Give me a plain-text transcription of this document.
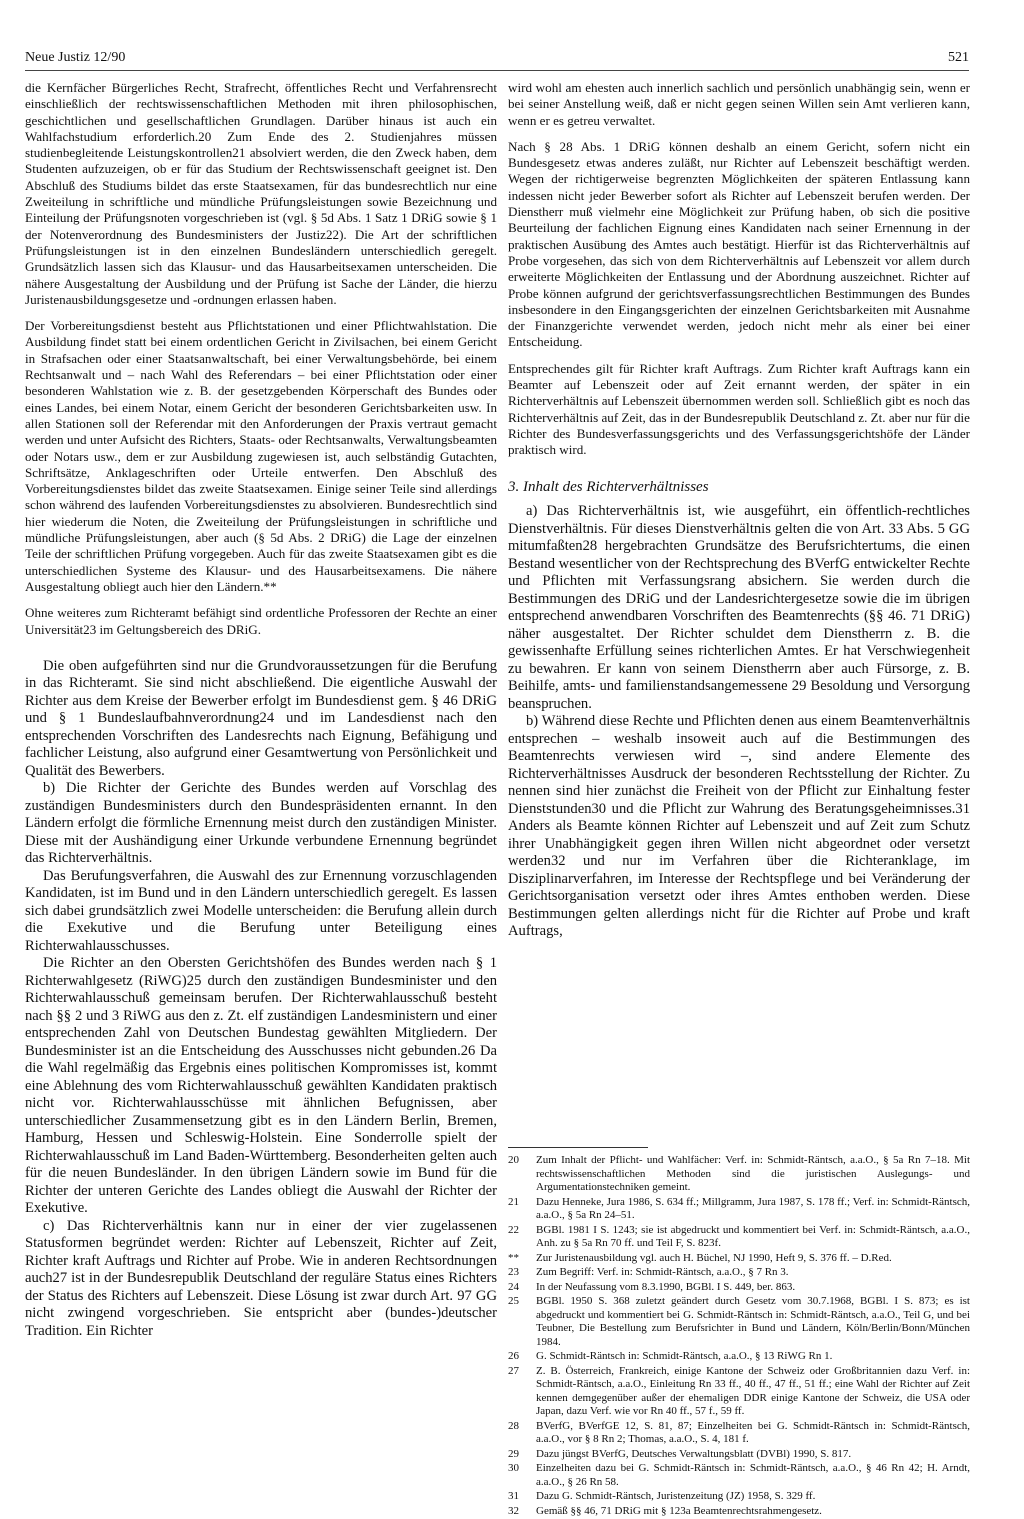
Neue Justiz 12/90	521

die Kernfächer Bürgerliches Recht, Strafrecht, öffentliches Recht und Verfahrensrecht einschließlich der rechtswissenschaftlichen Methoden mit ihren philosophischen, geschichtlichen und gesellschaftlichen Grundlagen. Darüber hinaus ist auch ein Wahlfachstudium erforderlich.20 Zum Ende des 2. Studienjahres müssen studienbegleitende Leistungskontrollen21 absolviert werden, die den Zweck haben, dem Studenten aufzuzeigen, ob er für das Studium der Rechtswissenschaft geeignet ist. Den Abschluß des Studiums bildet das erste Staatsexamen, für das bundesrechtlich nur eine Zweiteilung in schriftliche und mündliche Prüfungsleistungen sowie Bezeichnung und Einteilung der Prüfungsnoten vorgeschrieben ist (vgl. § 5d Abs. 1 Satz 1 DRiG sowie § 1 der Notenverordnung des Bundesministers der Justiz22). Die Art der schriftlichen Prüfungsleistungen ist in den einzelnen Bundesländern unterschiedlich geregelt. Grundsätzlich lassen sich das Klausur- und das Hausarbeitsexamen unterscheiden. Die nähere Ausgestaltung der Ausbildung und der Prüfung ist Sache der Länder, die hierzu Juristenausbildungsgesetze und -ordnungen erlassen haben.

Der Vorbereitungsdienst besteht aus Pflichtstationen und einer Pflichtwahlstation. Die Ausbildung findet statt bei einem ordentlichen Gericht in Zivilsachen, bei einem Gericht in Strafsachen oder einer Staatsanwaltschaft, bei einer Verwaltungsbehörde, bei einem Rechtsanwalt und – nach Wahl des Referendars – bei einer Pflichtstation oder einer besonderen Wahlstation wie z. B. der gesetzgebenden Körperschaft des Bundes oder eines Landes, bei einem Notar, einem Gericht der besonderen Gerichtsbarkeiten usw. In allen Stationen soll der Referendar mit den Anforderungen der Praxis vertraut gemacht werden und unter Aufsicht des Richters, Staats- oder Rechtsanwalts, Verwaltungsbeamten oder Notars usw., dem er zur Ausbildung zugewiesen ist, auch selbständig Gutachten, Schriftsätze, Anklageschriften oder Urteile entwerfen. Den Abschluß des Vorbereitungsdienstes bildet das zweite Staatsexamen. Einige seiner Teile sind allerdings schon während des laufenden Vorbereitungsdienstes zu absolvieren. Bundesrechtlich sind hier wiederum die Noten, die Zweiteilung der Prüfungsleistungen in schriftliche und mündliche Prüfungsleistungen, aber auch (§ 5d Abs. 2 DRiG) die Lage der einzelnen Teile der schriftlichen Prüfung vorgegeben. Auch für das zweite Staatsexamen gibt es die unterschiedlichen Systeme des Klausur- und des Hausarbeitsexamens. Die nähere Ausgestaltung obliegt auch hier den Ländern.**

Ohne weiteres zum Richteramt befähigt sind ordentliche Professoren der Rechte an einer Universität23 im Geltungsbereich des DRiG.

Die oben aufgeführten sind nur die Grundvoraussetzungen für die Berufung in das Richteramt. Sie sind nicht abschließend. Die eigentliche Auswahl der Richter aus dem Kreise der Bewerber erfolgt im Bundesdienst gem. § 46 DRiG und § 1 Bundeslaufbahnverordnung24 und im Landesdienst nach den entsprechenden Vorschriften des Landesrechts nach Eignung, Befähigung und fachlicher Leistung, also aufgrund einer Gesamtwertung von Persönlichkeit und Qualität des Bewerbers.

b) Die Richter der Gerichte des Bundes werden auf Vorschlag des zuständigen Bundesministers durch den Bundespräsidenten ernannt. In den Ländern erfolgt die förmliche Ernennung meist durch den zuständigen Minister. Diese mit der Aushändigung einer Urkunde verbundene Ernennung begründet das Richterverhältnis.

Das Berufungsverfahren, die Auswahl des zur Ernennung vorzuschlagenden Kandidaten, ist im Bund und in den Ländern unterschiedlich geregelt. Es lassen sich dabei grundsätzlich zwei Modelle unterscheiden: die Berufung allein durch die Exekutive und die Berufung unter Beteiligung eines Richterwahlausschusses.

Die Richter an den Obersten Gerichtshöfen des Bundes werden nach § 1 Richterwahlgesetz (RiWG)25 durch den zuständigen Bundesminister und den Richterwahlausschuß gemeinsam berufen. Der Richterwahlausschuß besteht nach §§ 2 und 3 RiWG aus den z. Zt. elf zuständigen Landesministern und einer entsprechenden Zahl von Deutschen Bundestag gewählten Mitgliedern. Der Bundesminister ist an die Entscheidung des Ausschusses nicht gebunden.26 Da die Wahl regelmäßig das Ergebnis eines politischen Kompromisses ist, kommt eine Ablehnung des vom Richterwahlausschuß gewählten Kandidaten praktisch nicht vor. Richterwahlausschüsse mit ähnlichen Befugnissen, aber unterschiedlicher Zusammensetzung gibt es in den Ländern Berlin, Bremen, Hamburg, Hessen und Schleswig-Holstein. Eine Sonderrolle spielt der Richterwahlausschuß im Land Baden-Württemberg. Besonderheiten gelten auch für die neuen Bundesländer. In den übrigen Ländern sowie im Bund für die Richter der unteren Gerichte des Landes obliegt die Auswahl der Richter der Exekutive.

c) Das Richterverhältnis kann nur in einer der vier zugelassenen Statusformen begründet werden: Richter auf Lebenszeit, Richter auf Zeit, Richter kraft Auftrags und Richter auf Probe. Wie in anderen Rechtsordnungen auch27 ist in der Bundesrepublik Deutschland der reguläre Status eines Richters der Status des Richters auf Lebenszeit. Diese Lösung ist zwar durch Art. 97 GG nicht zwingend vorgeschrieben. Sie entspricht aber (bundes-)deutscher Tradition. Ein Richter

wird wohl am ehesten auch innerlich sachlich und persönlich unabhängig sein, wenn er bei seiner Anstellung weiß, daß er nicht gegen seinen Willen sein Amt verlieren kann, wenn er es getreu verwaltet.

Nach § 28 Abs. 1 DRiG können deshalb an einem Gericht, sofern nicht ein Bundesgesetz etwas anderes zuläßt, nur Richter auf Lebenszeit beschäftigt werden. Wegen der richtigerweise begrenzten Möglichkeiten der späteren Entlassung kann indessen nicht jeder Bewerber sofort als Richter auf Lebenszeit berufen werden. Der Dienstherr muß vielmehr eine Möglichkeit zur Prüfung haben, ob sich die positive Beurteilung der fachlichen Eignung eines Kandidaten nach seiner Ernennung in der praktischen Ausübung des Amtes auch bestätigt. Hierfür ist das Richterverhältnis auf Probe vorgesehen, das sich von dem Richterverhältnis auf Lebenszeit vor allem durch erweiterte Möglichkeiten der Entlassung und der Abordnung auszeichnet. Richter auf Probe können aufgrund der gerichtsverfassungsrechtlichen Bestimmungen des Bundes insbesondere in den Eingangsgerichten der einzelnen Gerichtsbarkeiten mit Ausnahme der Finanzgerichte verwendet werden, jedoch nicht mehr als einer bei einer Entscheidung.

Entsprechendes gilt für Richter kraft Auftrags. Zum Richter kraft Auftrags kann ein Beamter auf Lebenszeit oder auf Zeit ernannt werden, der später in ein Richterverhältnis auf Lebenszeit übernommen werden soll. Schließlich gibt es noch das Richterverhältnis auf Zeit, das in der Bundesrepublik Deutschland z. Zt. aber nur für die Richter des Bundesverfassungsgerichts und des Verfassungsgerichtshöfe der Länder praktisch wird.

3. Inhalt des Richterverhältnisses

a) Das Richterverhältnis ist, wie ausgeführt, ein öffentlich-rechtliches Dienstverhältnis. Für dieses Dienstverhältnis gelten die von Art. 33 Abs. 5 GG mitumfaßten28 hergebrachten Grundsätze des Berufsrichtertums, die einen Bestand wesentlicher von der Rechtsprechung des BVerfG entwickelter Rechte und Pflichten mit Verfassungsrang absichern. Sie werden durch die Bestimmungen des DRiG und der Landesrichtergesetze sowie die im übrigen entsprechend anwendbaren Vorschriften des Beamtenrechts (§§ 46. 71 DRiG) näher ausgestaltet. Der Richter schuldet dem Dienstherrn z. B. die gewissenhafte Erfüllung seines richterlichen Amtes. Er hat Verschwiegenheit zu bewahren. Er kann von seinem Dienstherrn aber auch Fürsorge, z. B. Beihilfe, amts- und familienstandsangemessene 29 Besoldung und Versorgung beanspruchen.

b) Während diese Rechte und Pflichten denen aus einem Beamtenverhältnis entsprechen – weshalb insoweit auch auf die Bestimmungen des Beamtenrechts verwiesen wird –, sind andere Elemente des Richterverhältnisses Ausdruck der besonderen Rechtsstellung der Richter. Zu nennen sind hier zunächst die Freiheit von der Pflicht zur Einhaltung fester Dienststunden30 und die Pflicht zur Wahrung des Beratungsgeheimnisses.31 Anders als Beamte können Richter auf Lebenszeit und auf Zeit zum Schutz ihrer Unabhängigkeit gegen ihren Willen nicht abgeordnet oder versetzt werden32 und nur im Verfahren über die Richteranklage, im Disziplinarverfahren, im Interesse der Rechtspflege und bei Veränderung der Gerichtsorganisation versetzt oder ihres Amtes enthoben werden. Diese Bestimmungen gelten allerdings nicht für die Richter auf Probe und kraft Auftrags,

20	Zum Inhalt der Pflicht- und Wahlfächer: Verf. in: Schmidt-Räntsch, a.a.O., § 5a Rn 7–18. Mit rechtswissenschaftlichen Methoden sind die juristischen Auslegungs- und Argumentationstechniken gemeint.
21	Dazu Henneke, Jura 1986, S. 634 ff.; Millgramm, Jura 1987, S. 178 ff.; Verf. in: Schmidt-Räntsch, a.a.O., § 5a Rn 24–51.
22	BGBl. 1981 I S. 1243; sie ist abgedruckt und kommentiert bei Verf. in: Schmidt-Räntsch, a.a.O., Anh. zu § 5a Rn 70 ff. und Teil F, S. 823f.
**	Zur Juristenausbildung vgl. auch H. Büchel, NJ 1990, Heft 9, S. 376 ff. – D.Red.
23	Zum Begriff: Verf. in: Schmidt-Räntsch, a.a.O., § 7 Rn 3.
24	In der Neufassung vom 8.3.1990, BGBl. I S. 449, ber. 863.
25	BGBl. 1950 S. 368 zuletzt geändert durch Gesetz vom 30.7.1968, BGBl. I S. 873; es ist abgedruckt und kommentiert bei G. Schmidt-Räntsch in: Schmidt-Räntsch, a.a.O., Teil G, und bei Teubner, Die Bestellung zum Berufsrichter in Bund und Ländern, Köln/Berlin/Bonn/München 1984.
26	G. Schmidt-Räntsch in: Schmidt-Räntsch, a.a.O., § 13 RiWG Rn 1.
27	Z. B. Österreich, Frankreich, einige Kantone der Schweiz oder Großbritannien dazu Verf. in: Schmidt-Räntsch, a.a.O., Einleitung Rn 33 ff., 40 ff., 47 ff., 51 ff.; eine Wahl der Richter auf Zeit kennen demgegenüber außer der ehemaligen DDR einige Kantone der Schweiz, die USA oder Japan, dazu Verf. wie vor Rn 40 ff., 57 f., 59 ff.
28	BVerfG, BVerfGE 12, S. 81, 87; Einzelheiten bei G. Schmidt-Räntsch in: Schmidt-Räntsch, a.a.O., vor § 8 Rn 2; Thomas, a.a.O., S. 4, 181 f.
29	Dazu jüngst BVerfG, Deutsches Verwaltungsblatt (DVBl) 1990, S. 817.
30	Einzelheiten dazu bei G. Schmidt-Räntsch in: Schmidt-Räntsch, a.a.O., § 46 Rn 42; H. Arndt, a.a.O., § 26 Rn 58.
31	Dazu G. Schmidt-Räntsch, Juristenzeitung (JZ) 1958, S. 329 ff.
32	Gemäß §§ 46, 71 DRiG mit § 123a Beamtenrechtsrahmengesetz.
